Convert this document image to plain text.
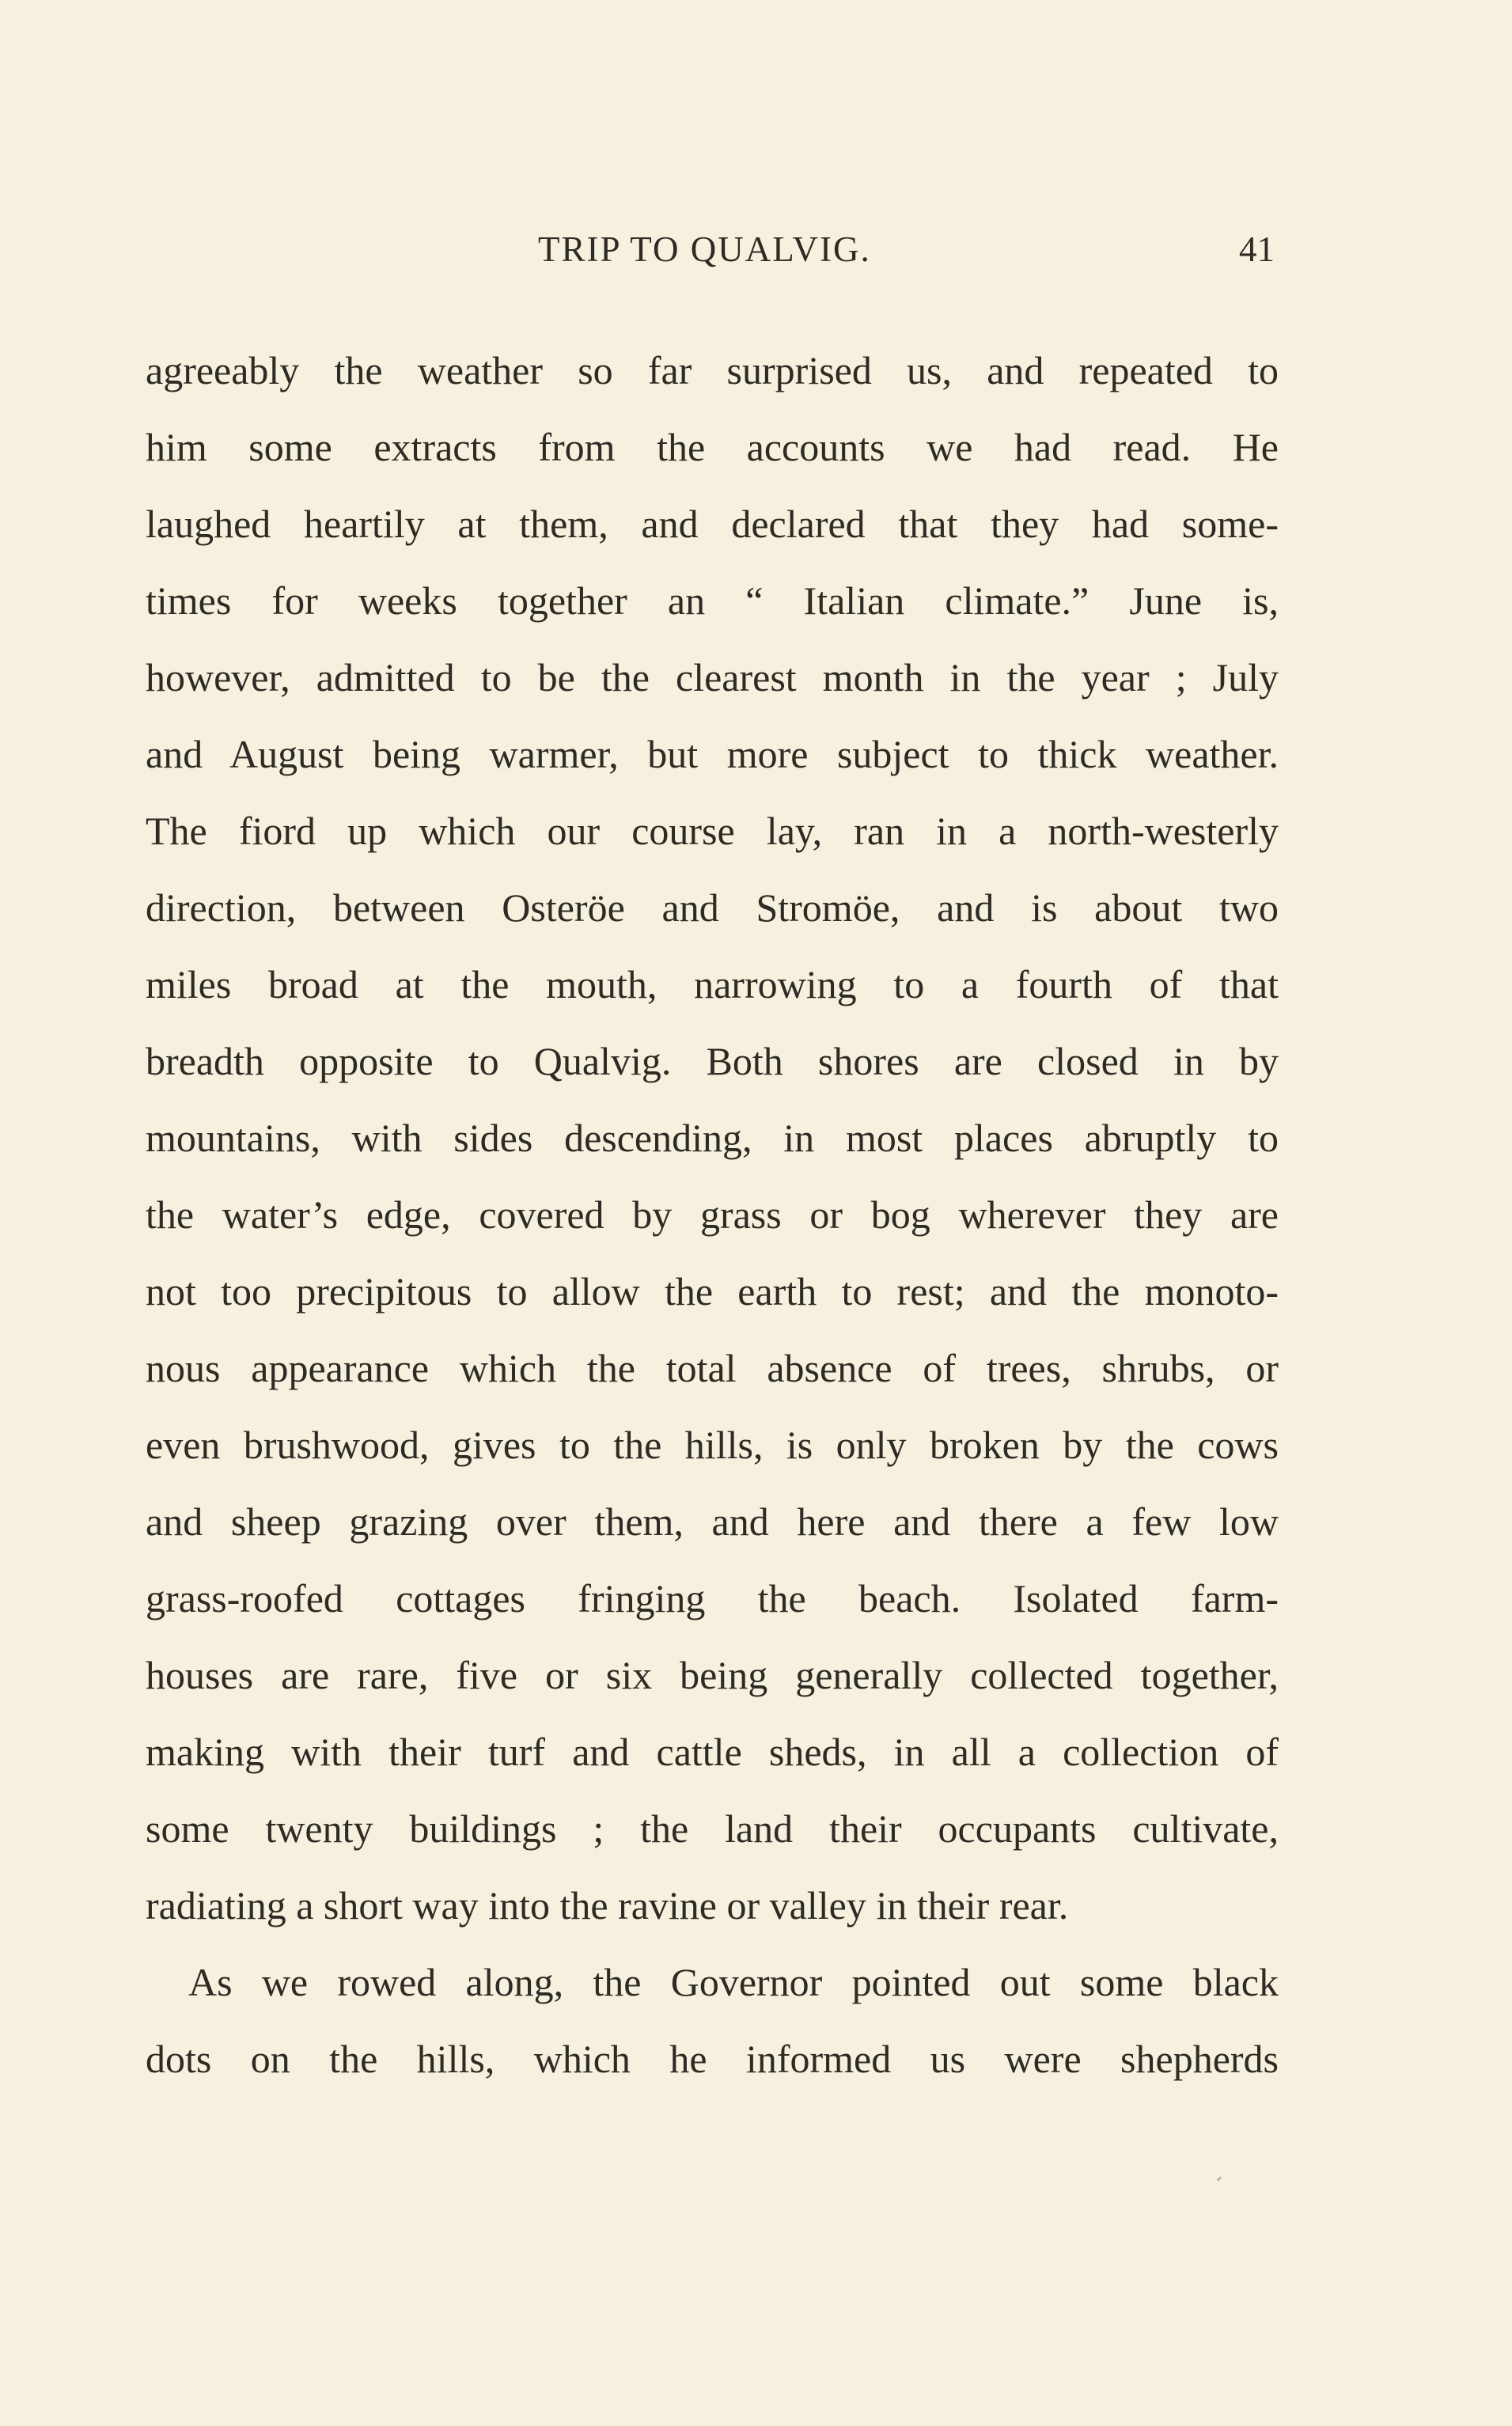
TRIP TO QUALVIG.	41
agreeably the weather so far surprised us, and repeated to
him some extracts from the accounts we had read. He
laughed heartily at them, and declared that they had some-
times for weeks together an “ Italian climate.” June is,
however, admitted to be the clearest month in the year ; July
and August being warmer, but more subject to thick weather.
The fiord up which our course lay, ran in a north-westerly
direction, between Osteröe and Stromöe, and is about two
miles broad at the mouth, narrowing to a fourth of that
breadth opposite to Qualvig. Both shores are closed in by
mountains, with sides descending, in most places abruptly to
the water’s edge, covered by grass or bog wherever they are
not too precipitous to allow the earth to rest; and the monoto-
nous appearance which the total absence of trees, shrubs, or
even brushwood, gives to the hills, is only broken by the cows
and sheep grazing over them, and here and there a few low
grass-roofed cottages fringing the beach. Isolated farm-
houses are rare, five or six being generally collected together,
making with their turf and cattle sheds, in all a collection of
some twenty buildings ; the land their occupants cultivate,
radiating a short way into the ravine or valley in their rear.
As we rowed along, the Governor pointed out some black
dots on the hills, which he informed us were shepherds
